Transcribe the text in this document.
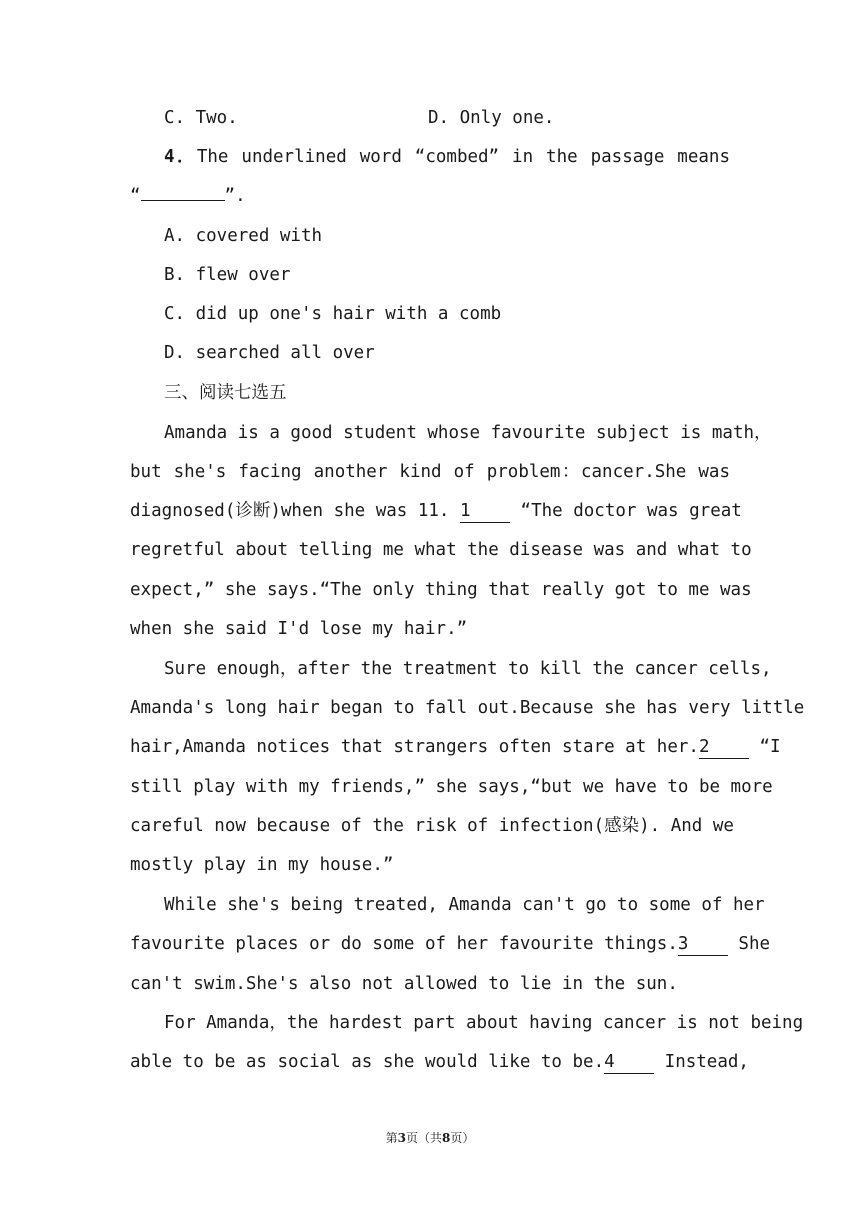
C. Two.	D. Only one.
4．The underlined word “combed” in the passage means
“	”.
A. covered with
B. flew over
C. did up one's hair with a comb
D. searched all over
三、阅读七选五
Amanda is a good student whose favourite subject is math，
but she's facing another kind of problem：cancer.She was
diagnosed(诊断)when she was 11. 1 “The doctor was great
regretful about telling me what the disease was and what to
expect,” she says.“The only thing that really got to me was
when she said I'd lose my hair.”
Sure enough，after the treatment to kill the cancer cells,
Amanda's long hair began to fall out.Because she has very little
hair,Amanda notices that strangers often stare at her.2 “I
still play with my friends,” she says,“but we have to be more
careful now because of the risk of infection(感染). And we
mostly play in my house.”
While she's being treated, Amanda can't go to some of her
favourite places or do some of her favourite things.3 She
can't swim.She's also not allowed to lie in the sun.
For Amanda，the hardest part about having cancer is not being
able to be as social as she would like to be.4 Instead,
第3页（共8页）
